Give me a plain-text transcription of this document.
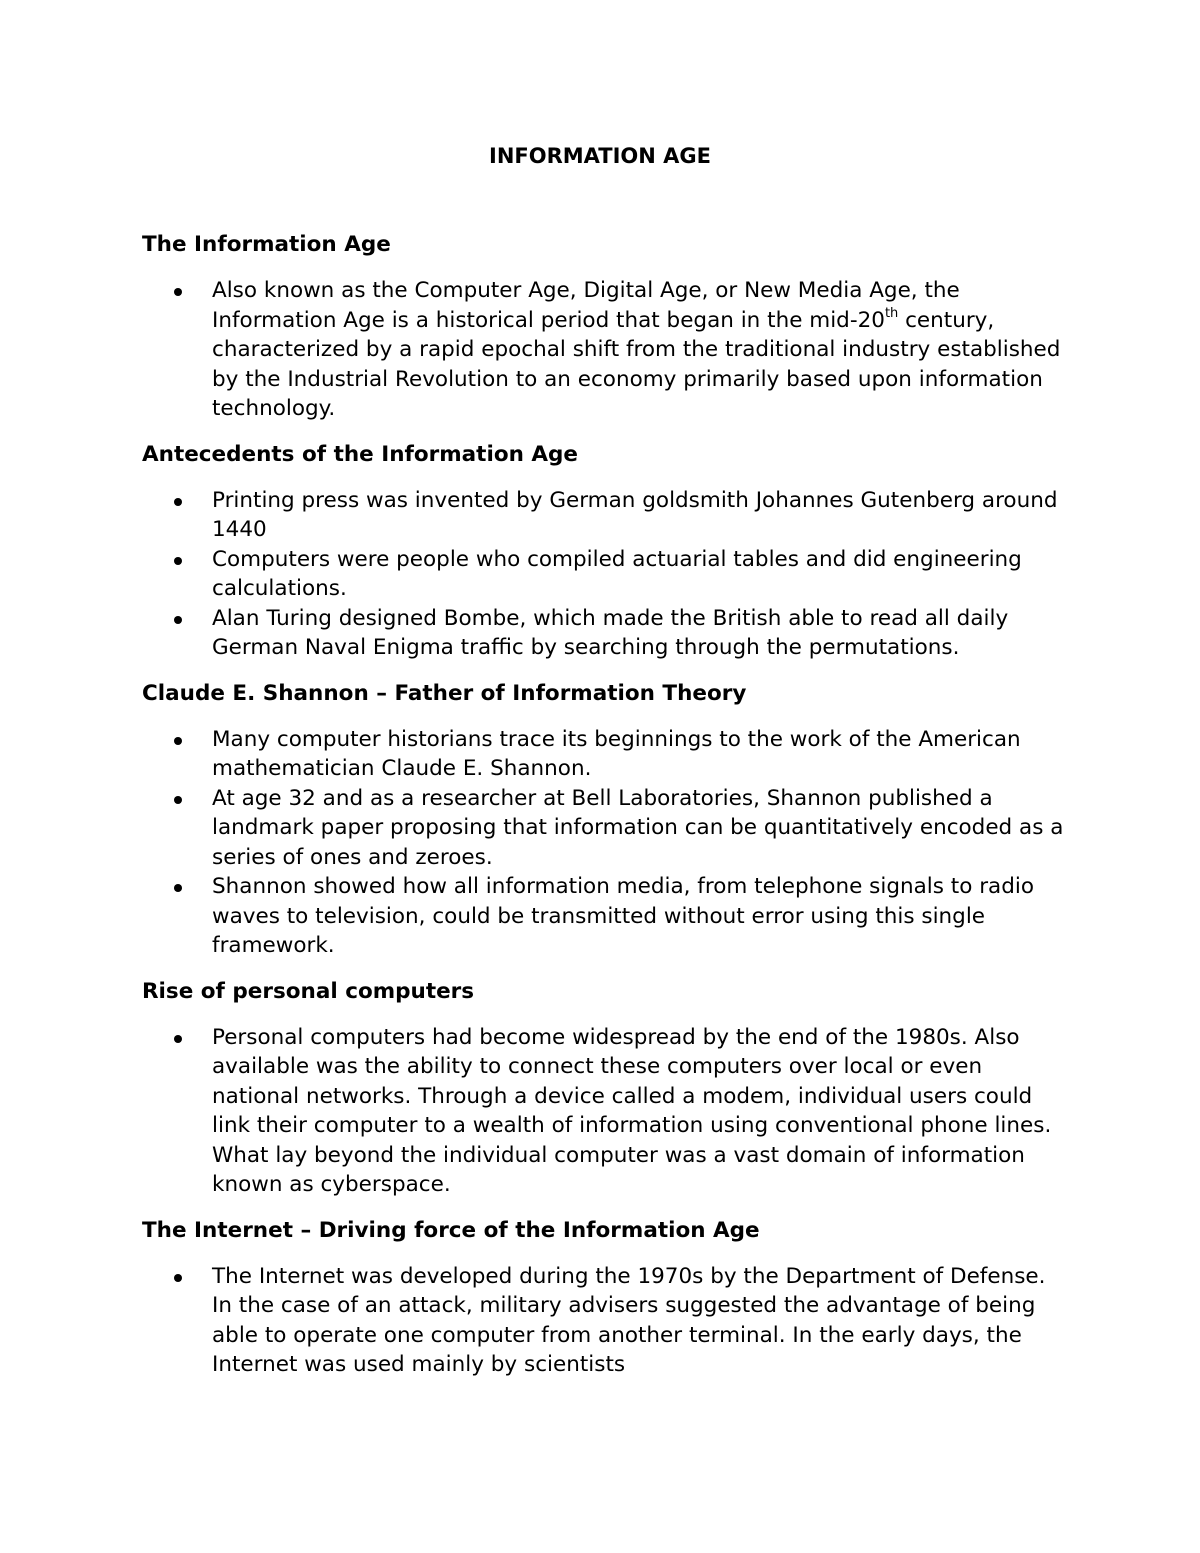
INFORMATION AGE
The Information Age
Also known as the Computer Age, Digital Age, or New Media Age, the Information Age is a historical period that began in the mid-20th century, characterized by a rapid epochal shift from the traditional industry established by the Industrial Revolution to an economy primarily based upon information technology.
Antecedents of the Information Age
Printing press was invented by German goldsmith Johannes Gutenberg around 1440
Computers were people who compiled actuarial tables and did engineering calculations.
Alan Turing designed Bombe, which made the British able to read all daily German Naval Enigma traffic by searching through the permutations.
Claude E. Shannon – Father of Information Theory
Many computer historians trace its beginnings to the work of the American mathematician Claude E. Shannon.
At age 32 and as a researcher at Bell Laboratories, Shannon published a landmark paper proposing that information can be quantitatively encoded as a series of ones and zeroes.
Shannon showed how all information media, from telephone signals to radio waves to television, could be transmitted without error using this single framework.
Rise of personal computers
Personal computers had become widespread by the end of the 1980s. Also available was the ability to connect these computers over local or even national networks. Through a device called a modem, individual users could link their computer to a wealth of information using conventional phone lines. What lay beyond the individual computer was a vast domain of information known as cyberspace.
The Internet – Driving force of the Information Age
The Internet was developed during the 1970s by the Department of Defense. In the case of an attack, military advisers suggested the advantage of being able to operate one computer from another terminal. In the early days, the Internet was used mainly by scientists
